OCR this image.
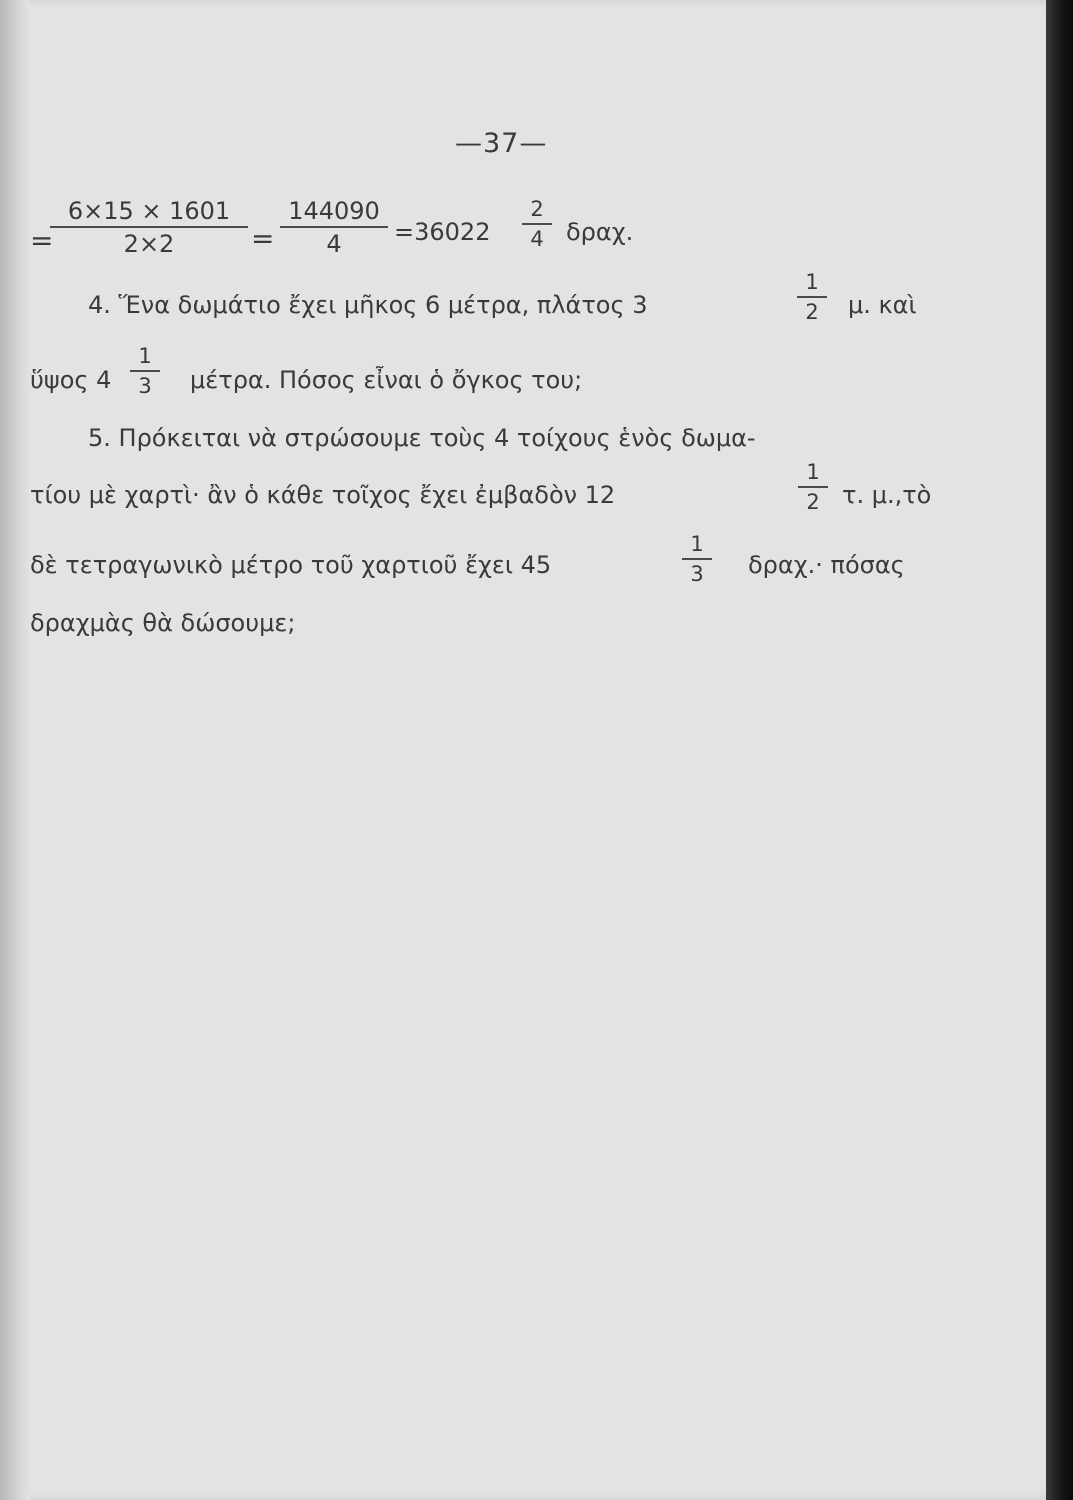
—37—
=
$\frac{6\times 15 \times 1601}{2\times 2} = \frac{144090}{4} =36022 \frac{2}{4} \delta\rho\alpha\chi$.
4. Ἕνα δωμάτιο ἔχει μῆκος 6 μέτρα, πλάτος 3	$\frac{1}{2} \mu$. καὶ
ὕψος $4 \frac{1}{3} \mu έ\tau\rho\alpha$. Πόσος εἶναι ὁ ὄγκος του;
5. Πρόκειται νὰ στρώσουμε τοὺς 4 τοίχους ἑνὸς δωμα-
τίου μὲ χαρτὶ· ἂν ὁ κάθε τοῖχος ἔχει ἐμβαδὸν 12	$\frac{1}{2} \tau$. μ.,τὸ
δὲ τετραγωνικὸ μέτρο τοῦ χαρτιοῦ ἔχει 45	$\frac{1}{3} \delta\rho\alpha\chi.\cdot \pi ό\sigma\alpha\varsigma$
δραχμὰς θὰ δώσουμε;
